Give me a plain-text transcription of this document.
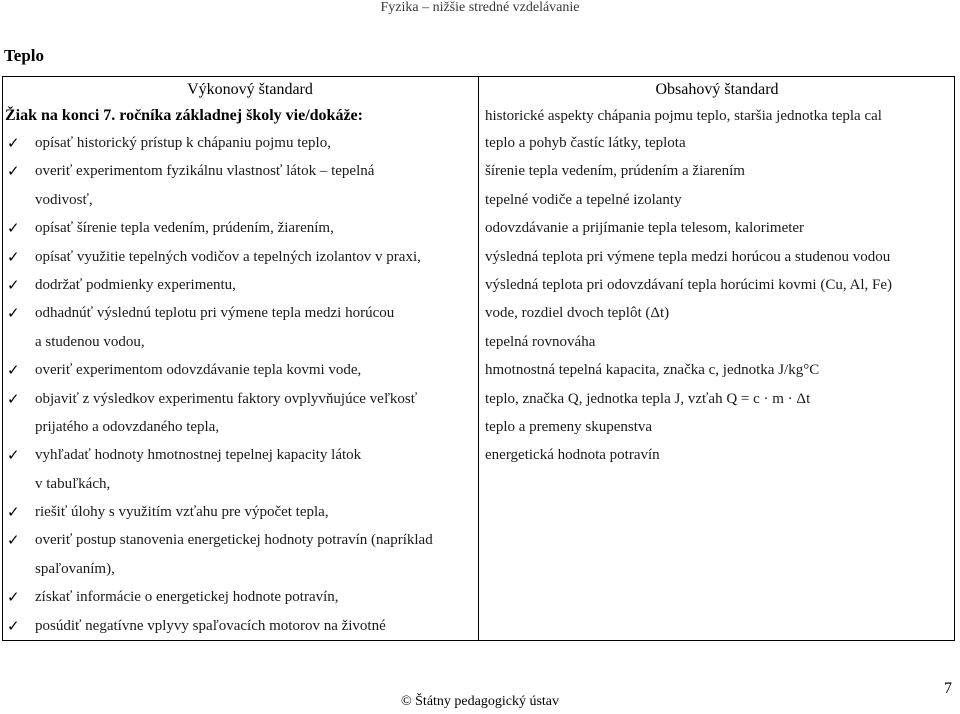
Fyzika – nižšie stredné vzdelávanie
Teplo
Výkonový štandard
Žiak na konci 7. ročníka základnej školy vie/dokáže:
✓ opísať historický prístup k chápaniu pojmu teplo,
✓ overiť experimentom fyzikálnu vlastnosť látok – tepelná
vodivosť,
✓ opísať šírenie tepla vedením, prúdením, žiarením,
✓ opísať využitie tepelných vodičov a tepelných izolantov v praxi,
✓ dodržať podmienky experimentu,
✓ odhadnúť výslednú teplotu pri výmene tepla medzi horúcou
a studenou vodou,
✓ overiť experimentom odovzdávanie tepla kovmi vode,
✓ objaviť z výsledkov experimentu faktory ovplyvňujúce veľkosť
prijatého a odovzdaného tepla,
✓ vyhľadať hodnoty hmotnostnej tepelnej kapacity látok
v tabuľkách,
✓ riešiť úlohy s využitím vzťahu pre výpočet tepla,
✓ overiť postup stanovenia energetickej hodnoty potravín (napríklad
spaľovaním),
✓ získať informácie o energetickej hodnote potravín,
✓ posúdiť negatívne vplyvy spaľovacích motorov na životné
Obsahový štandard
historické aspekty chápania pojmu teplo, staršia jednotka tepla cal
teplo a pohyb častíc látky, teplota
šírenie tepla vedením, prúdením a žiarením
tepelné vodiče a tepelné izolanty
odovzdávanie a prijímanie tepla telesom, kalorimeter
výsledná teplota pri výmene tepla medzi horúcou a studenou vodou
výsledná teplota pri odovzdávaní tepla horúcimi kovmi (Cu, Al, Fe)
vode, rozdiel dvoch teplôt (Δt)
tepelná rovnováha
hmotnostná tepelná kapacita, značka c, jednotka J/kg°C
teplo, značka Q, jednotka tepla J, vzťah Q = c · m · Δt
teplo a premeny skupenstva
energetická hodnota potravín
© Štátny pedagogický ústav
7
